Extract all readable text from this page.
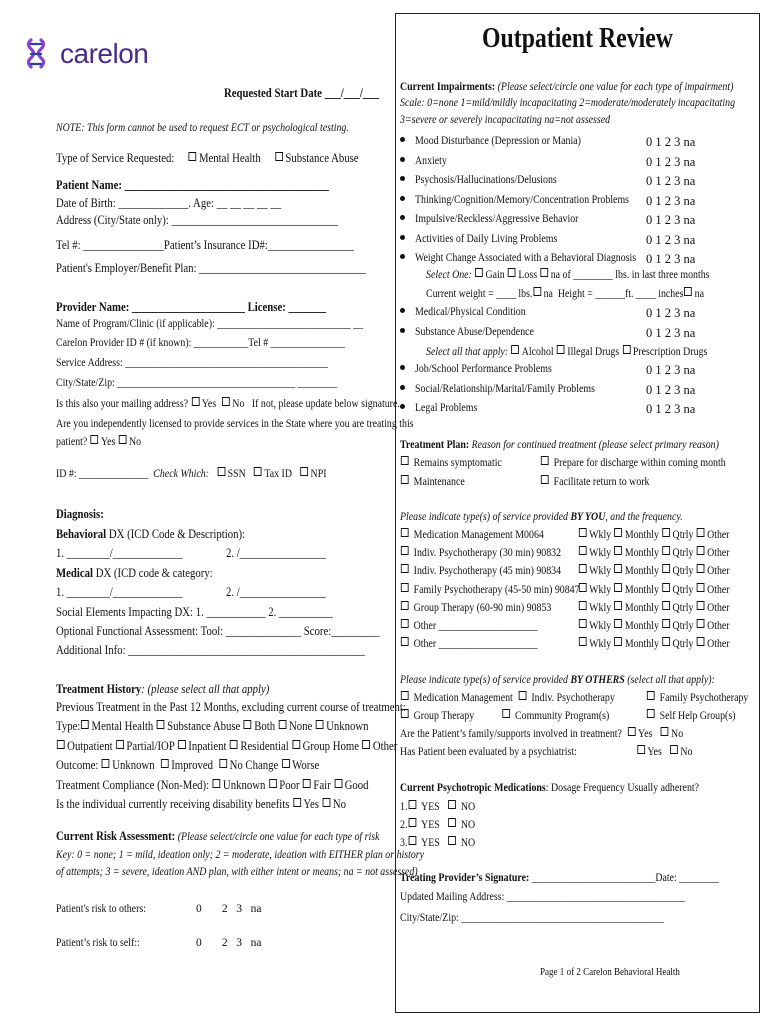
carelon	Outpatient Review
Requested Start Date ___/___/___
NOTE: This form cannot be used to request ECT or psychological testing.
Type of Service Requested: Mental Health Substance Abuse
Patient Name: ______________________________________
Date of Birth: _____________. Age: __ __ __ __ __
Address (City/State only): _______________________________
Tel #: _______________Patient’s Insurance ID#:________________
Patient's Employer/Benefit Plan: _______________________________
Provider Name: _____________________ License: _______
Name of Program/Clinic (if applicable): ___________________________ __
Carelon Provider ID # (if known): ___________Tel # _______________
Service Address: _________________________________________
City/State/Zip: ____________________________________ ________
Is this also your mailing address? Yes No If not, please update below signature.
Are you independently licensed to provide services in the State where you are treating this
patient? Yes No
ID #: ______________ Check Which: SSN Tax ID NPI
Diagnosis:
Behavioral DX (ICD Code & Description):
1. ________/_____________	2. /________________
Medical DX (ICD code & category:
1. ________/_____________	2. /________________
Social Elements Impacting DX: 1. ___________ 2. __________
Optional Functional Assessment: Tool: ______________ Score:_________
Additional Info: ____________________________________________
Treatment History: (please select all that apply)
Previous Treatment in the Past 12 Months, excluding current course of treatment:
Type: Mental Health Substance Abuse Both None Unknown
Outpatient Partial/IOP Inpatient Residential Group Home Other
Outcome: Unknown Improved No Change Worse
Treatment Compliance (Non-Med): Unknown Poor Fair Good
Is the individual currently receiving disability benefits Yes No
Current Risk Assessment: (Please select/circle one value for each type of risk
Key: 0 = none; 1 = mild, ideation only; 2 = moderate, ideation with EITHER plan or history
of attempts; 3 = severe, ideation AND plan, with either intent or means; na = not assessed)
Patient's risk to others:	0       2   3   na
Patient’s risk to self::	0       2   3   na
Current Impairments: (Please select/circle one value for each type of impairment)
Scale: 0=none 1=mild/mildly incapacitating 2=moderate/moderately incapacitating
3=severe or severely incapacitating na=not assessed
Mood Disturbance (Depression or Mania)	0 1 2 3 na
Anxiety	0 1 2 3 na
Psychosis/Hallucinations/Delusions	0 1 2 3 na
Thinking/Cognition/Memory/Concentration Problems 0 1 2 3 na
Impulsive/Reckless/Aggressive Behavior	0 1 2 3 na
Activities of Daily Living Problems	0 1 2 3 na
Weight Change Associated with a Behavioral Diagnosis 0 1 2 3 na
Select One: Gain Loss na of ________ lbs. in last three months
Current weight = ____ lbs. na Height = ______ft. ____ inches na
Medical/Physical Condition	0 1 2 3 na
Substance Abuse/Dependence	0 1 2 3 na
Select all that apply: Alcohol Illegal Drugs Prescription Drugs
Job/School Performance Problems	0 1 2 3 na
Social/Relationship/Marital/Family Problems	0 1 2 3 na
Legal Problems	0 1 2 3 na
Treatment Plan: Reason for continued treatment (please select primary reason)
Remains symptomatic	Prepare for discharge within coming month
Maintenance	Facilitate return to work
Please indicate type(s) of service provided BY YOU, and the frequency.
Medication Management M0064	Wkly Monthly Qtrly Other
Indiv. Psychotherapy (30 min) 90832	Wkly Monthly Qtrly Other
Indiv. Psychotherapy (45 min) 90834	Wkly Monthly Qtrly Other
Family Psychotherapy (45-50 min) 90847 Wkly Monthly Qtrly Other
Group Therapy (60-90 min) 90853	Wkly Monthly Qtrly Other
Other ____________________	Wkly Monthly Qtrly Other
Other ____________________	Wkly Monthly Qtrly Other
Please indicate type(s) of service provided BY OTHERS (select all that apply):
Medication Management Indiv. Psychotherapy	Family Psychotherapy
Group Therapy	Community Program(s)	Self Help Group(s)
Are the Patient’s family/supports involved in treatment? Yes No
Has Patient been evaluated by a psychiatrist:	Yes No
Current Psychotropic Medications: Dosage Frequency Usually adherent?
1. YES NO
2. YES NO
3. YES NO
Treating Provider’s Signature: _________________________Date: ________
Updated Mailing Address: ____________________________________
City/State/Zip: _________________________________________
Page 1 of 2 Carelon Behavioral Health
